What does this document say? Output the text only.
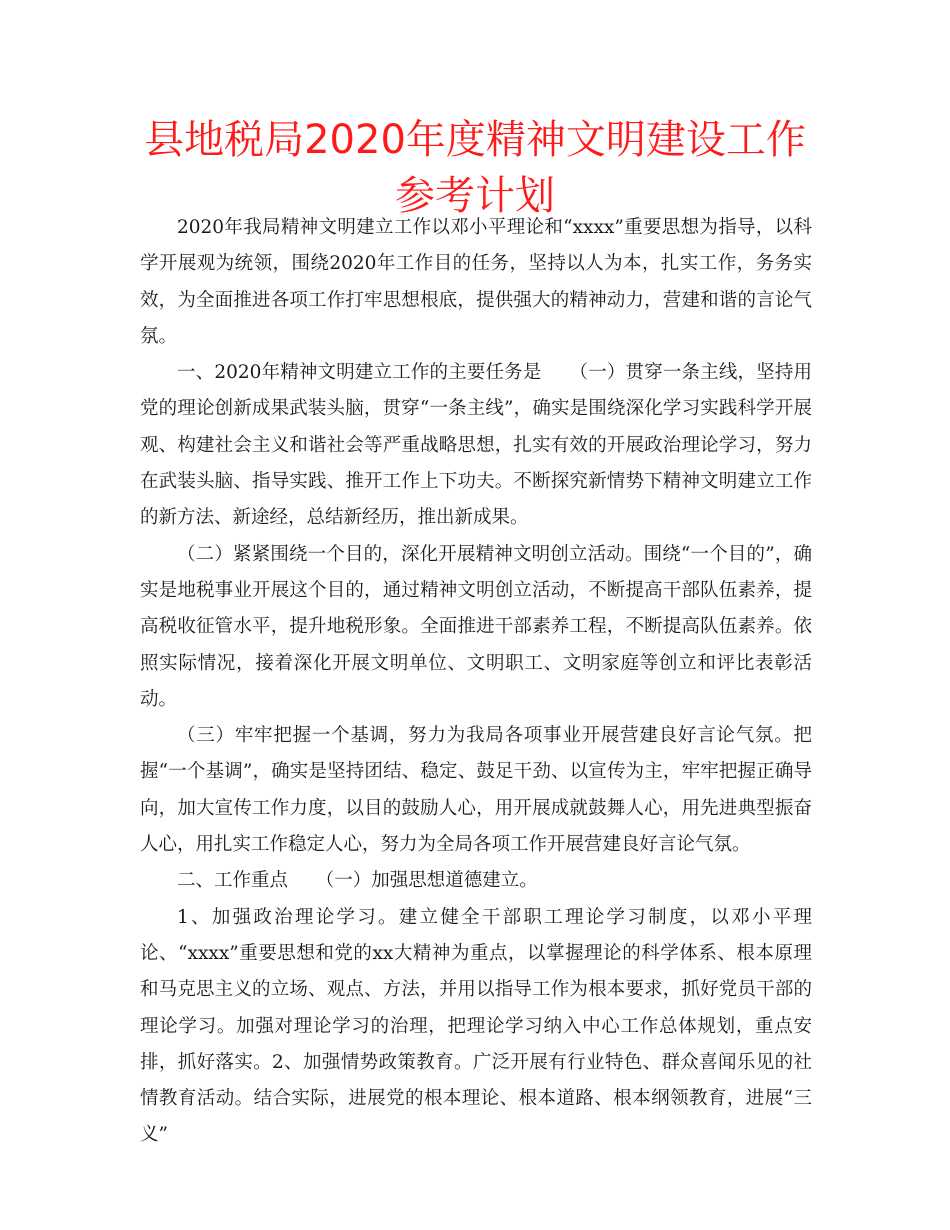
县地税局2020年度精神文明建设工作参考计划

2020年我局精神文明建立工作以邓小平理论和“xxxx”重要思想为指导，以科学开展观为统领，围绕2020年工作目的任务，坚持以人为本，扎实工作，务务实效，为全面推进各项工作打牢思想根底，提供强大的精神动力，营建和谐的言论气氛。

一、2020年精神文明建立工作的主要任务是　　（一）贯穿一条主线，坚持用党的理论创新成果武装头脑，贯穿“一条主线”，确实是围绕深化学习实践科学开展观、构建社会主义和谐社会等严重战略思想，扎实有效的开展政治理论学习，努力在武装头脑、指导实践、推开工作上下功夫。不断探究新情势下精神文明建立工作的新方法、新途经，总结新经历，推出新成果。

（二）紧紧围绕一个目的，深化开展精神文明创立活动。围绕“一个目的”，确实是地税事业开展这个目的，通过精神文明创立活动，不断提高干部队伍素养，提高税收征管水平，提升地税形象。全面推进干部素养工程，不断提高队伍素养。依照实际情况，接着深化开展文明单位、文明职工、文明家庭等创立和评比表彰活动。

（三）牢牢把握一个基调，努力为我局各项事业开展营建良好言论气氛。把握“一个基调”，确实是坚持团结、稳定、鼓足干劲、以宣传为主，牢牢把握正确导向，加大宣传工作力度，以目的鼓励人心，用开展成就鼓舞人心，用先进典型振奋人心，用扎实工作稳定人心，努力为全局各项工作开展营建良好言论气氛。

二、工作重点　　（一）加强思想道德建立。

1、加强政治理论学习。建立健全干部职工理论学习制度，以邓小平理论、“xxxx”重要思想和党的xx大精神为重点，以掌握理论的科学体系、根本原理和马克思主义的立场、观点、方法，并用以指导工作为根本要求，抓好党员干部的理论学习。加强对理论学习的治理，把理论学习纳入中心工作总体规划，重点安排，抓好落实。2、加强情势政策教育。广泛开展有行业特色、群众喜闻乐见的社情教育活动。结合实际，进展党的根本理论、根本道路、根本纲领教育，进展“三义”
